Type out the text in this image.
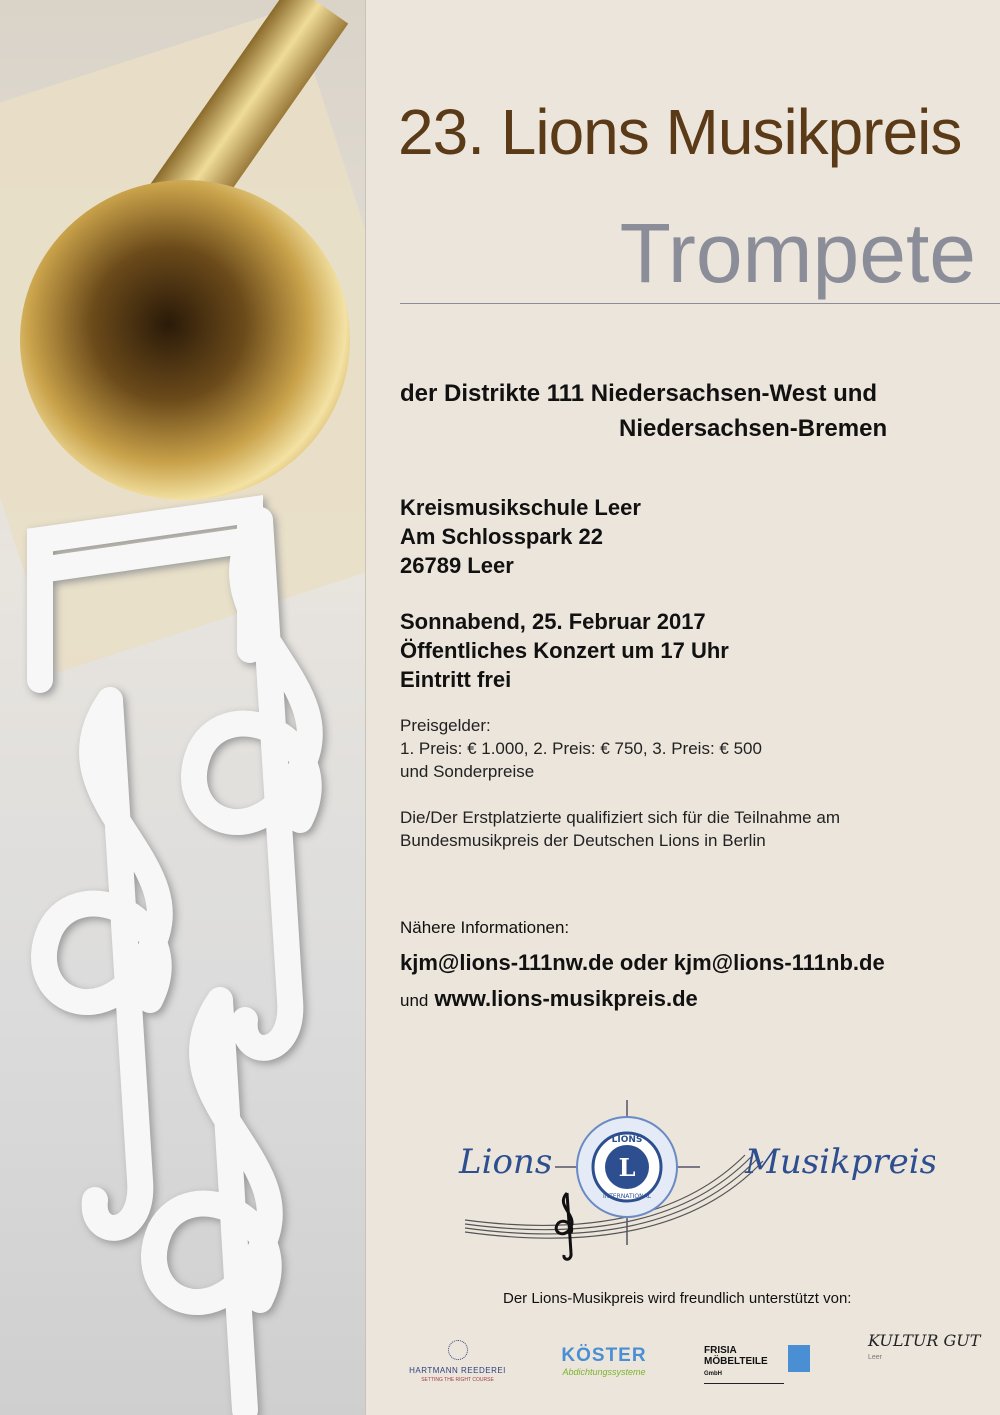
23. Lions Musikpreis
Trompete
der Distrikte 111 Niedersachsen-West und
Niedersachsen-Bremen
Kreismusikschule Leer
Am Schlosspark 22
26789 Leer
Sonnabend, 25. Februar 2017
Öffentliches Konzert um 17 Uhr
Eintritt frei
Preisgelder:
1. Preis: € 1.000, 2. Preis: € 750, 3. Preis: € 500
und Sonderpreise
Die/Der Erstplatzierte qualifiziert sich für die Teilnahme am
Bundesmusikpreis der Deutschen Lions in Berlin
Nähere Informationen:
kjm@lions-111nw.de oder kjm@lions-111nb.de
und www.lions-musikpreis.de
L
LIONS
INTERNATIONAL
Lions	Musikpreis
Der Lions-Musikpreis wird freundlich unterstützt von:
HARTMANN REEDEREI
SETTING THE RIGHT COURSE
KÖSTER
Abdichtungssysteme
FRISIA MÖBELTEILE GmbH
KULTUR GUT
Leer
